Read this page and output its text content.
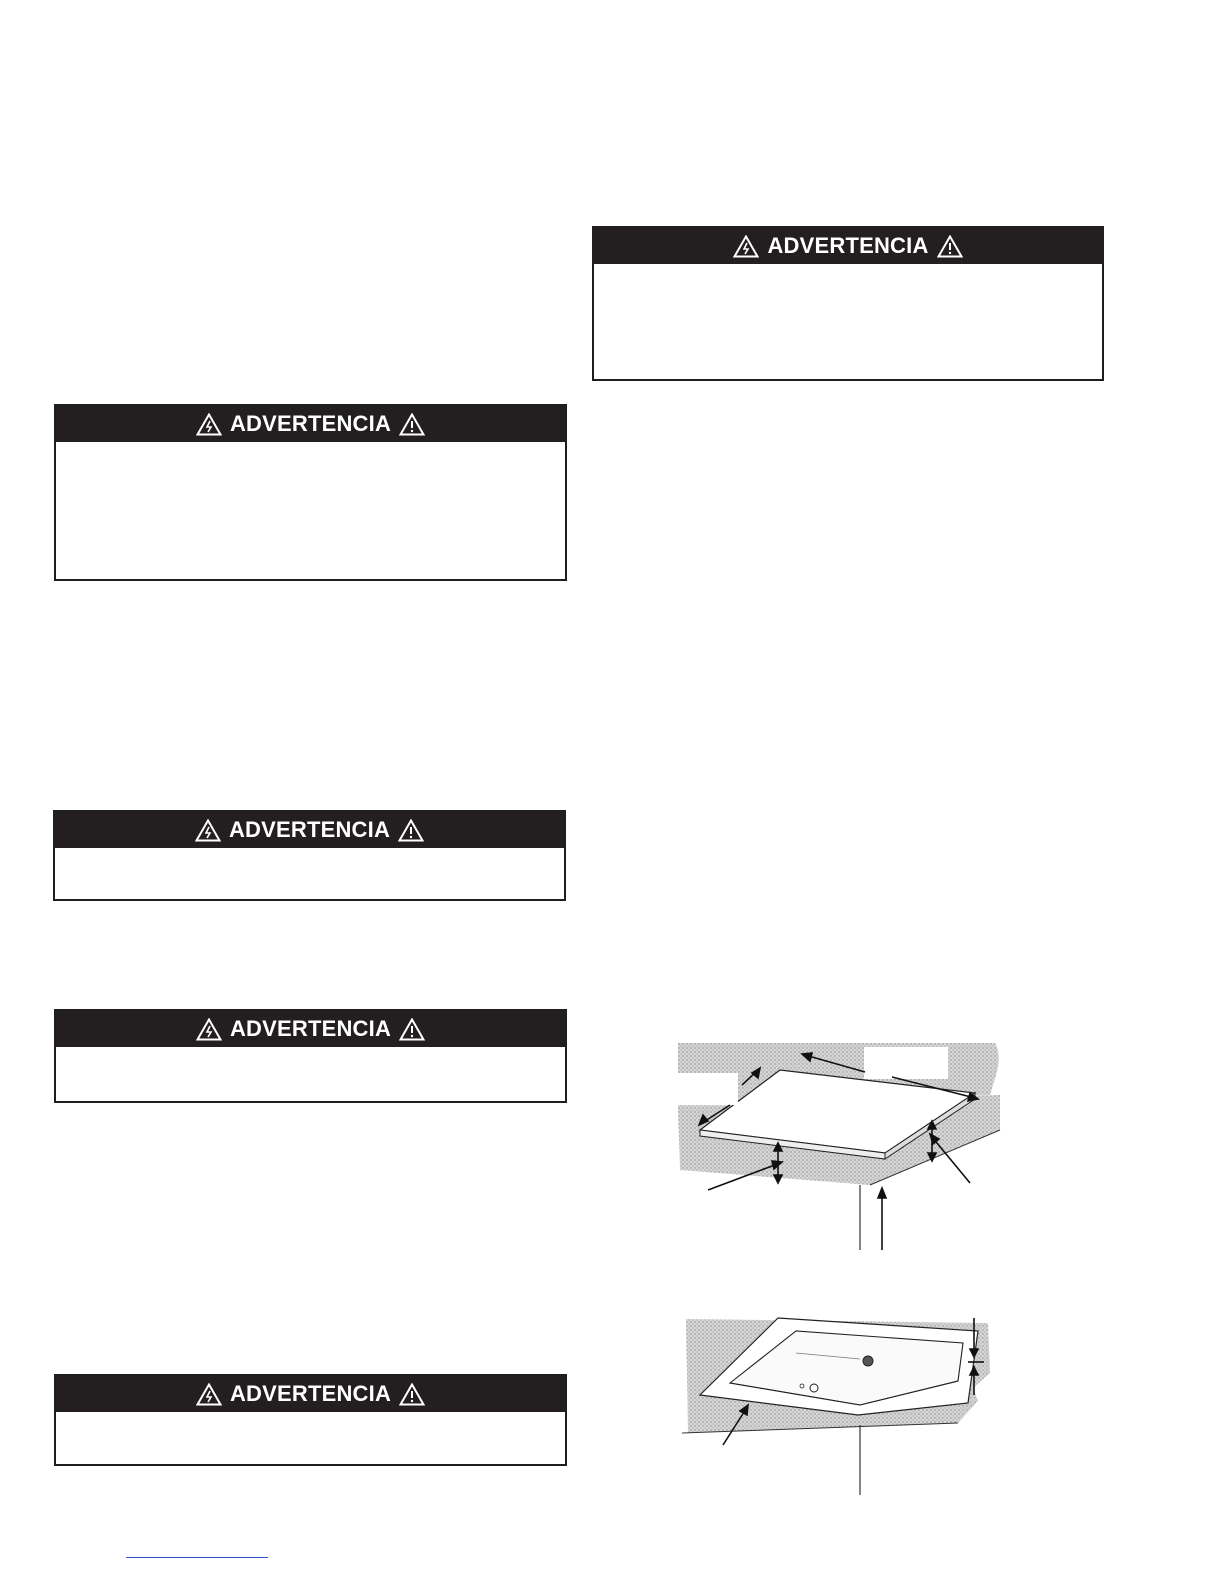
ADVERTENCIA
ADVERTENCIA
ADVERTENCIA
ADVERTENCIA
ADVERTENCIA
